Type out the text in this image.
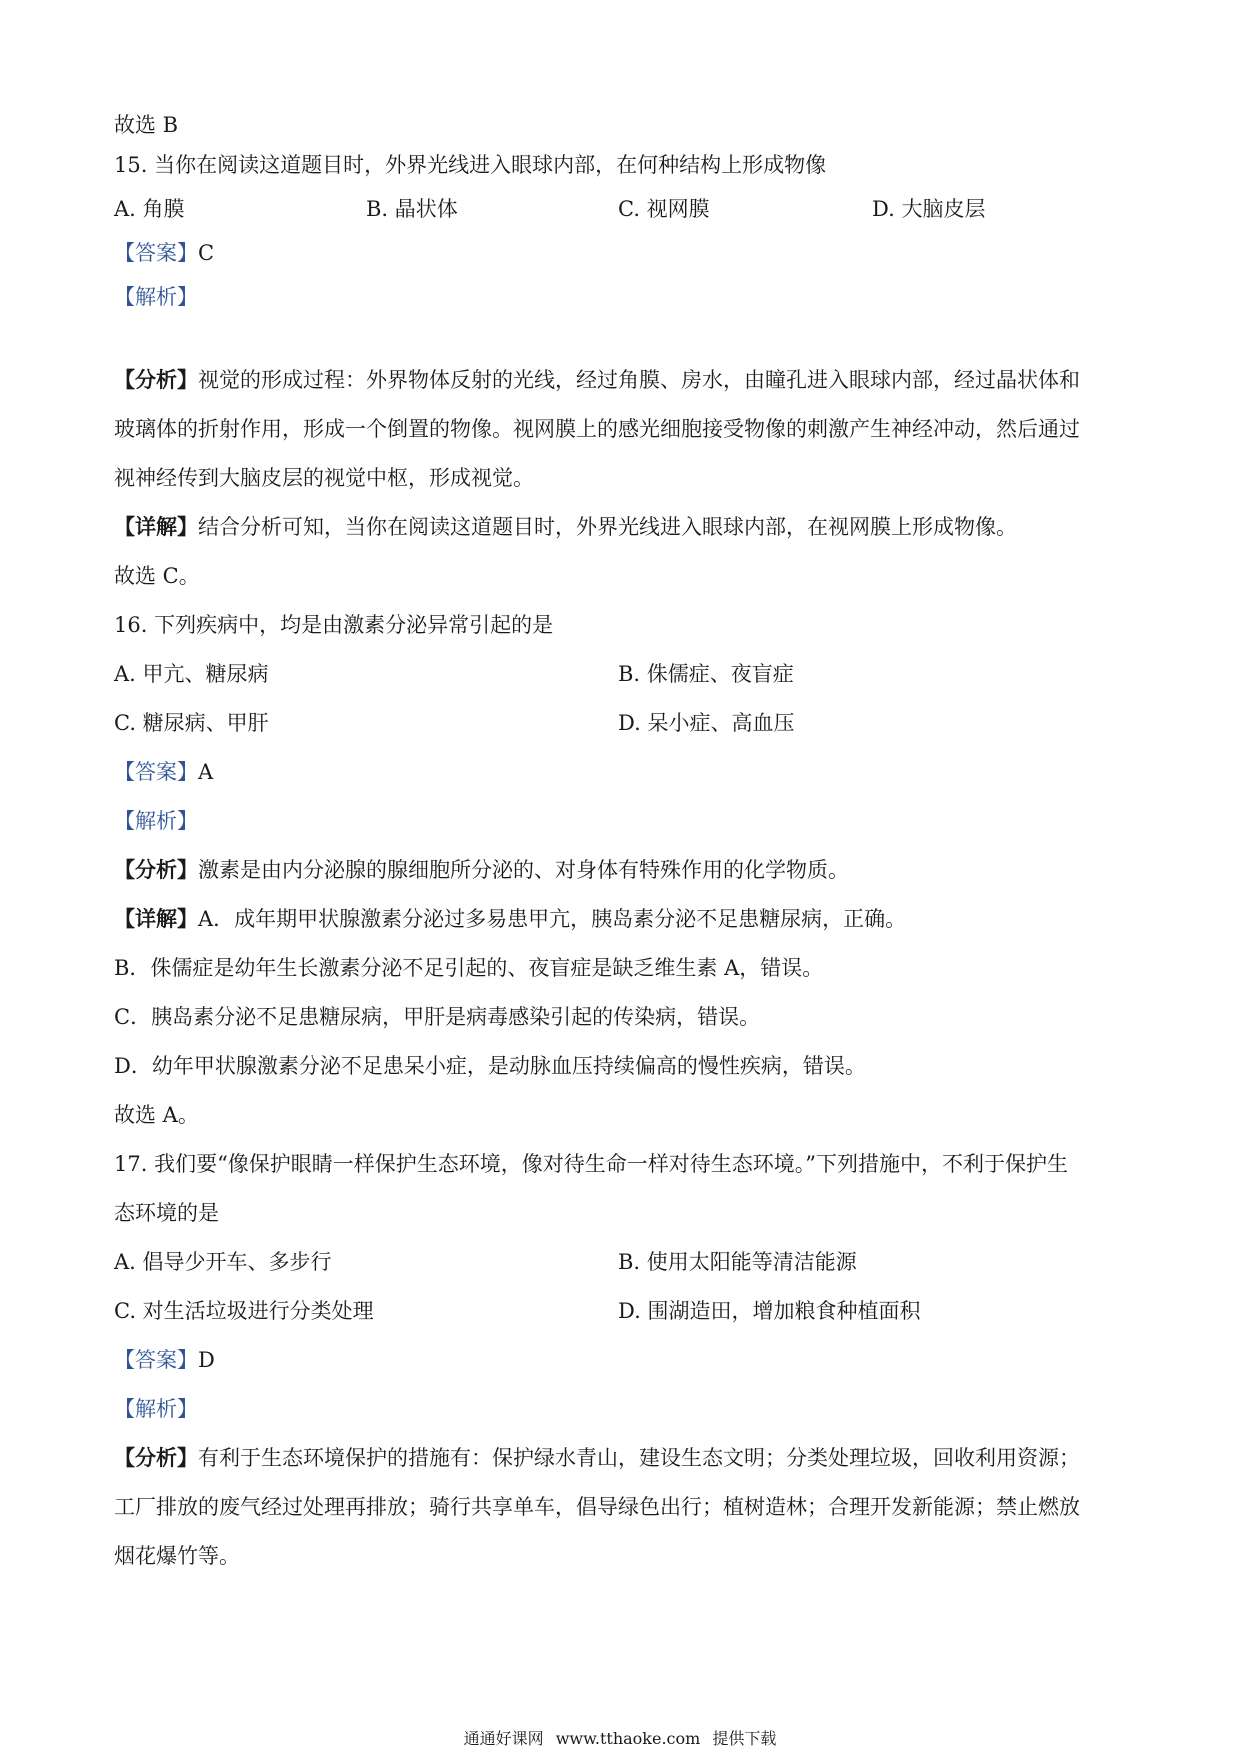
故选 B
15. 当你在阅读这道题目时，外界光线进入眼球内部，在何种结构上形成物像
A. 角膜	B. 晶状体	C. 视网膜	D. 大脑皮层
【答案】C
【解析】
【分析】视觉的形成过程：外界物体反射的光线，经过角膜、房水，由瞳孔进入眼球内部，经过晶状体和
玻璃体的折射作用，形成一个倒置的物像。视网膜上的感光细胞接受物像的刺激产生神经冲动，然后通过
视神经传到大脑皮层的视觉中枢，形成视觉。
【详解】结合分析可知，当你在阅读这道题目时，外界光线进入眼球内部，在视网膜上形成物像。
故选 C。
16. 下列疾病中，均是由激素分泌异常引起的是
A. 甲亢、糖尿病	B. 侏儒症、夜盲症
C. 糖尿病、甲肝	D. 呆小症、高血压
【答案】A
【解析】
【分析】激素是由内分泌腺的腺细胞所分泌的、对身体有特殊作用的化学物质。
【详解】A．成年期甲状腺激素分泌过多易患甲亢，胰岛素分泌不足患糖尿病，正确。
B．侏儒症是幼年生长激素分泌不足引起的、夜盲症是缺乏维生素 A，错误。
C．胰岛素分泌不足患糖尿病，甲肝是病毒感染引起的传染病，错误。
D．幼年甲状腺激素分泌不足患呆小症，是动脉血压持续偏高的慢性疾病，错误。
故选 A。
17. 我们要“像保护眼睛一样保护生态环境，像对待生命一样对待生态环境。”下列措施中，不利于保护生
态环境的是
A. 倡导少开车、多步行	B. 使用太阳能等清洁能源
C. 对生活垃圾进行分类处理	D. 围湖造田，增加粮食种植面积
【答案】D
【解析】
【分析】有利于生态环境保护的措施有：保护绿水青山，建设生态文明；分类处理垃圾，回收利用资源；
工厂排放的废气经过处理再排放；骑行共享单车，倡导绿色出行；植树造林；合理开发新能源；禁止燃放
烟花爆竹等。
通通好课网 www.tthaoke.com 提供下载
